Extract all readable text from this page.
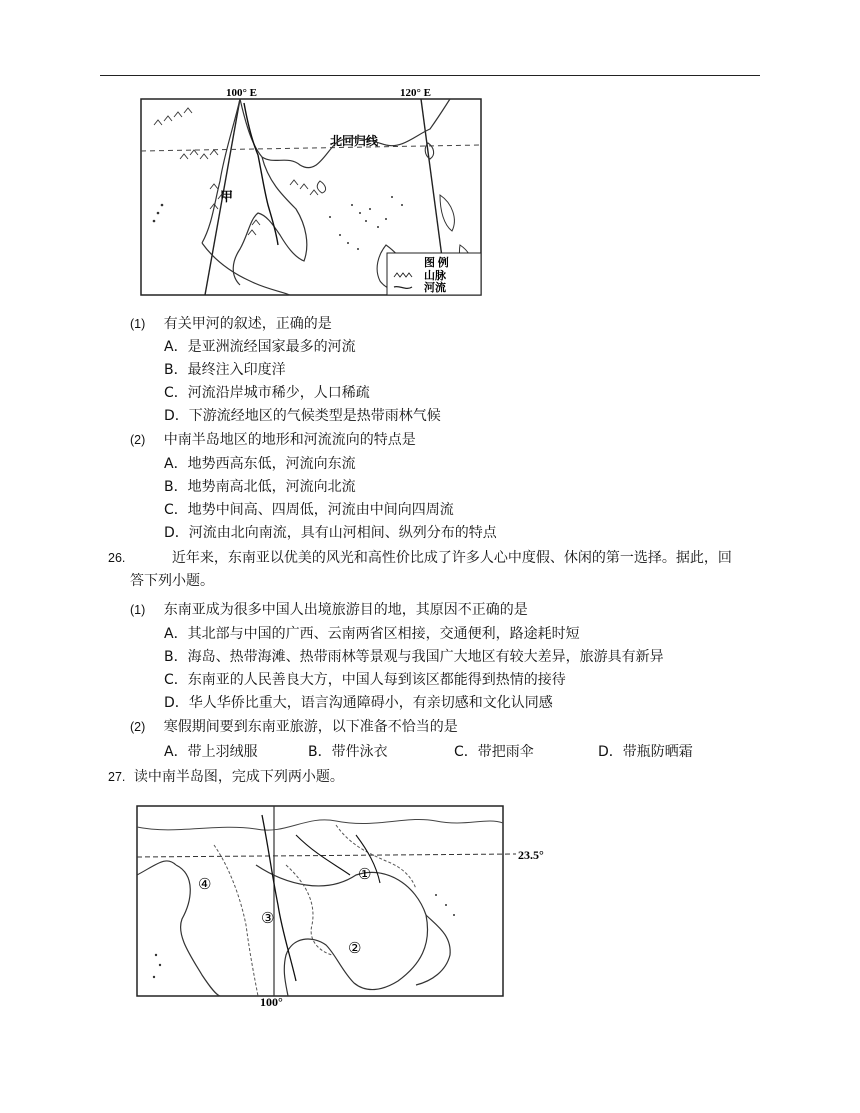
100° E	120° E
北回归线
甲
图 例
山脉
河流
(1) 有关甲河的叙述，正确的是
A．是亚洲流经国家最多的河流
B．最终注入印度洋
C．河流沿岸城市稀少，人口稀疏
D．下游流经地区的气候类型是热带雨林气候
(2) 中南半岛地区的地形和河流流向的特点是
A．地势西高东低，河流向东流
B．地势南高北低，河流向北流
C．地势中间高、四周低，河流由中间向四周流
D．河流由北向南流，具有山河相间、纵列分布的特点
26.	近年来，东南亚以优美的风光和高性价比成了许多人心中度假、休闲的第一选择。据此，回
答下列小题。
(1) 东南亚成为很多中国人出境旅游目的地，其原因不正确的是
A．其北部与中国的广西、云南两省区相接，交通便利，路途耗时短
B．海岛、热带海滩、热带雨林等景观与我国广大地区有较大差异，旅游具有新异
C．东南亚的人民善良大方，中国人每到该区都能得到热情的接待
D．华人华侨比重大，语言沟通障碍小，有亲切感和文化认同感
(2) 寒假期间要到东南亚旅游，以下准备不恰当的是
A．带上羽绒服	B．带件泳衣	C．带把雨伞	D．带瓶防晒霜
27. 读中南半岛图，完成下列两小题。
23.5°
100°
①
②
③
④
